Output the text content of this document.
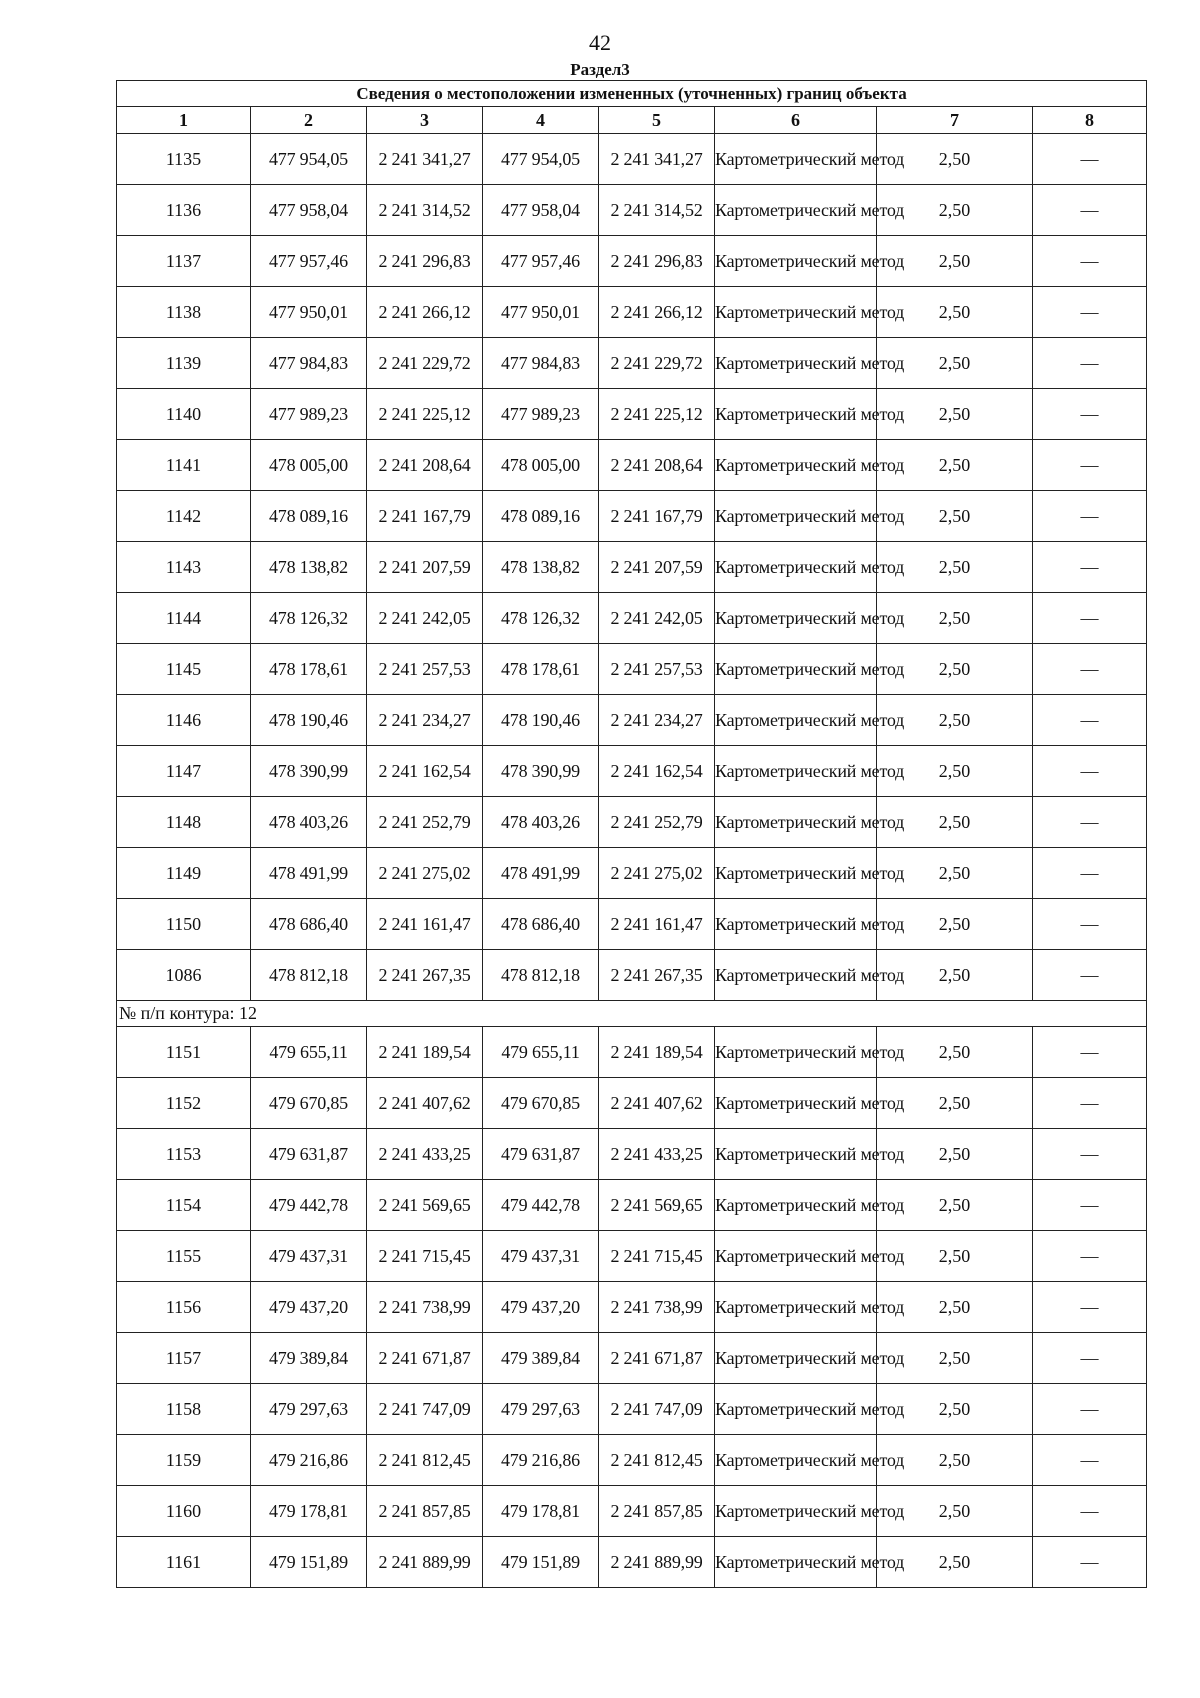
42
Раздел3
Сведения о местоположении измененных (уточненных) границ объекта							
1	2	3	4	5	6	7	8
1135	477 954,05	2 241 341,27	477 954,05	2 241 341,27	Картометрический метод	2,50	—
1136	477 958,04	2 241 314,52	477 958,04	2 241 314,52	Картометрический метод	2,50	—
1137	477 957,46	2 241 296,83	477 957,46	2 241 296,83	Картометрический метод	2,50	—
1138	477 950,01	2 241 266,12	477 950,01	2 241 266,12	Картометрический метод	2,50	—
1139	477 984,83	2 241 229,72	477 984,83	2 241 229,72	Картометрический метод	2,50	—
1140	477 989,23	2 241 225,12	477 989,23	2 241 225,12	Картометрический метод	2,50	—
1141	478 005,00	2 241 208,64	478 005,00	2 241 208,64	Картометрический метод	2,50	—
1142	478 089,16	2 241 167,79	478 089,16	2 241 167,79	Картометрический метод	2,50	—
1143	478 138,82	2 241 207,59	478 138,82	2 241 207,59	Картометрический метод	2,50	—
1144	478 126,32	2 241 242,05	478 126,32	2 241 242,05	Картометрический метод	2,50	—
1145	478 178,61	2 241 257,53	478 178,61	2 241 257,53	Картометрический метод	2,50	—
1146	478 190,46	2 241 234,27	478 190,46	2 241 234,27	Картометрический метод	2,50	—
1147	478 390,99	2 241 162,54	478 390,99	2 241 162,54	Картометрический метод	2,50	—
1148	478 403,26	2 241 252,79	478 403,26	2 241 252,79	Картометрический метод	2,50	—
1149	478 491,99	2 241 275,02	478 491,99	2 241 275,02	Картометрический метод	2,50	—
1150	478 686,40	2 241 161,47	478 686,40	2 241 161,47	Картометрический метод	2,50	—
1086	478 812,18	2 241 267,35	478 812,18	2 241 267,35	Картометрический метод	2,50	—
№ п/п контура: 12							
1151	479 655,11	2 241 189,54	479 655,11	2 241 189,54	Картометрический метод	2,50	—
1152	479 670,85	2 241 407,62	479 670,85	2 241 407,62	Картометрический метод	2,50	—
1153	479 631,87	2 241 433,25	479 631,87	2 241 433,25	Картометрический метод	2,50	—
1154	479 442,78	2 241 569,65	479 442,78	2 241 569,65	Картометрический метод	2,50	—
1155	479 437,31	2 241 715,45	479 437,31	2 241 715,45	Картометрический метод	2,50	—
1156	479 437,20	2 241 738,99	479 437,20	2 241 738,99	Картометрический метод	2,50	—
1157	479 389,84	2 241 671,87	479 389,84	2 241 671,87	Картометрический метод	2,50	—
1158	479 297,63	2 241 747,09	479 297,63	2 241 747,09	Картометрический метод	2,50	—
1159	479 216,86	2 241 812,45	479 216,86	2 241 812,45	Картометрический метод	2,50	—
1160	479 178,81	2 241 857,85	479 178,81	2 241 857,85	Картометрический метод	2,50	—
1161	479 151,89	2 241 889,99	479 151,89	2 241 889,99	Картометрический метод	2,50	—
